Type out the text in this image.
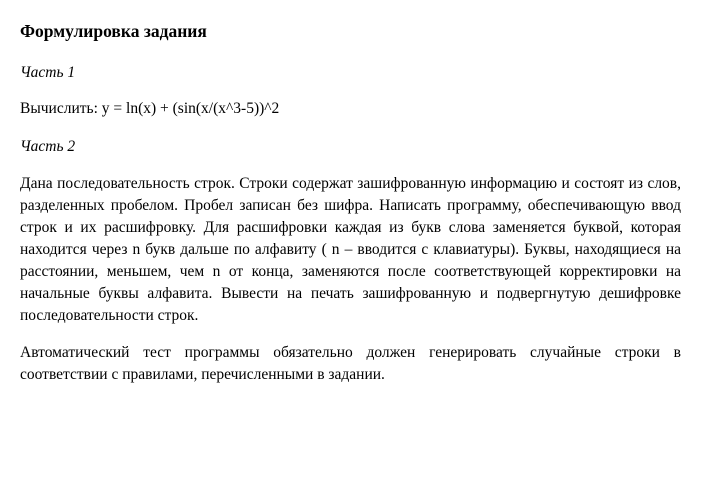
Формулировка задания

Часть 1

Вычислить: y = ln(x) + (sin(x/(x^3-5))^2

Часть 2

Дана последовательность строк. Строки содержат зашифрованную информацию и состоят из слов, разделенных пробелом. Пробел записан без шифра. Написать программу, обеспечивающую ввод строк и их расшифровку. Для расшифровки каждая из букв слова заменяется буквой, которая находится через n букв дальше по алфавиту ( n – вводится с клавиатуры). Буквы, находящиеся на расстоянии, меньшем, чем n от конца, заменяются после соответствующей корректировки на начальные буквы алфавита. Вывести на печать зашифрованную и подвергнутую дешифровке последовательности строк.

Автоматический тест программы обязательно должен генерировать случайные строки в соответствии с правилами, перечисленными в задании.
